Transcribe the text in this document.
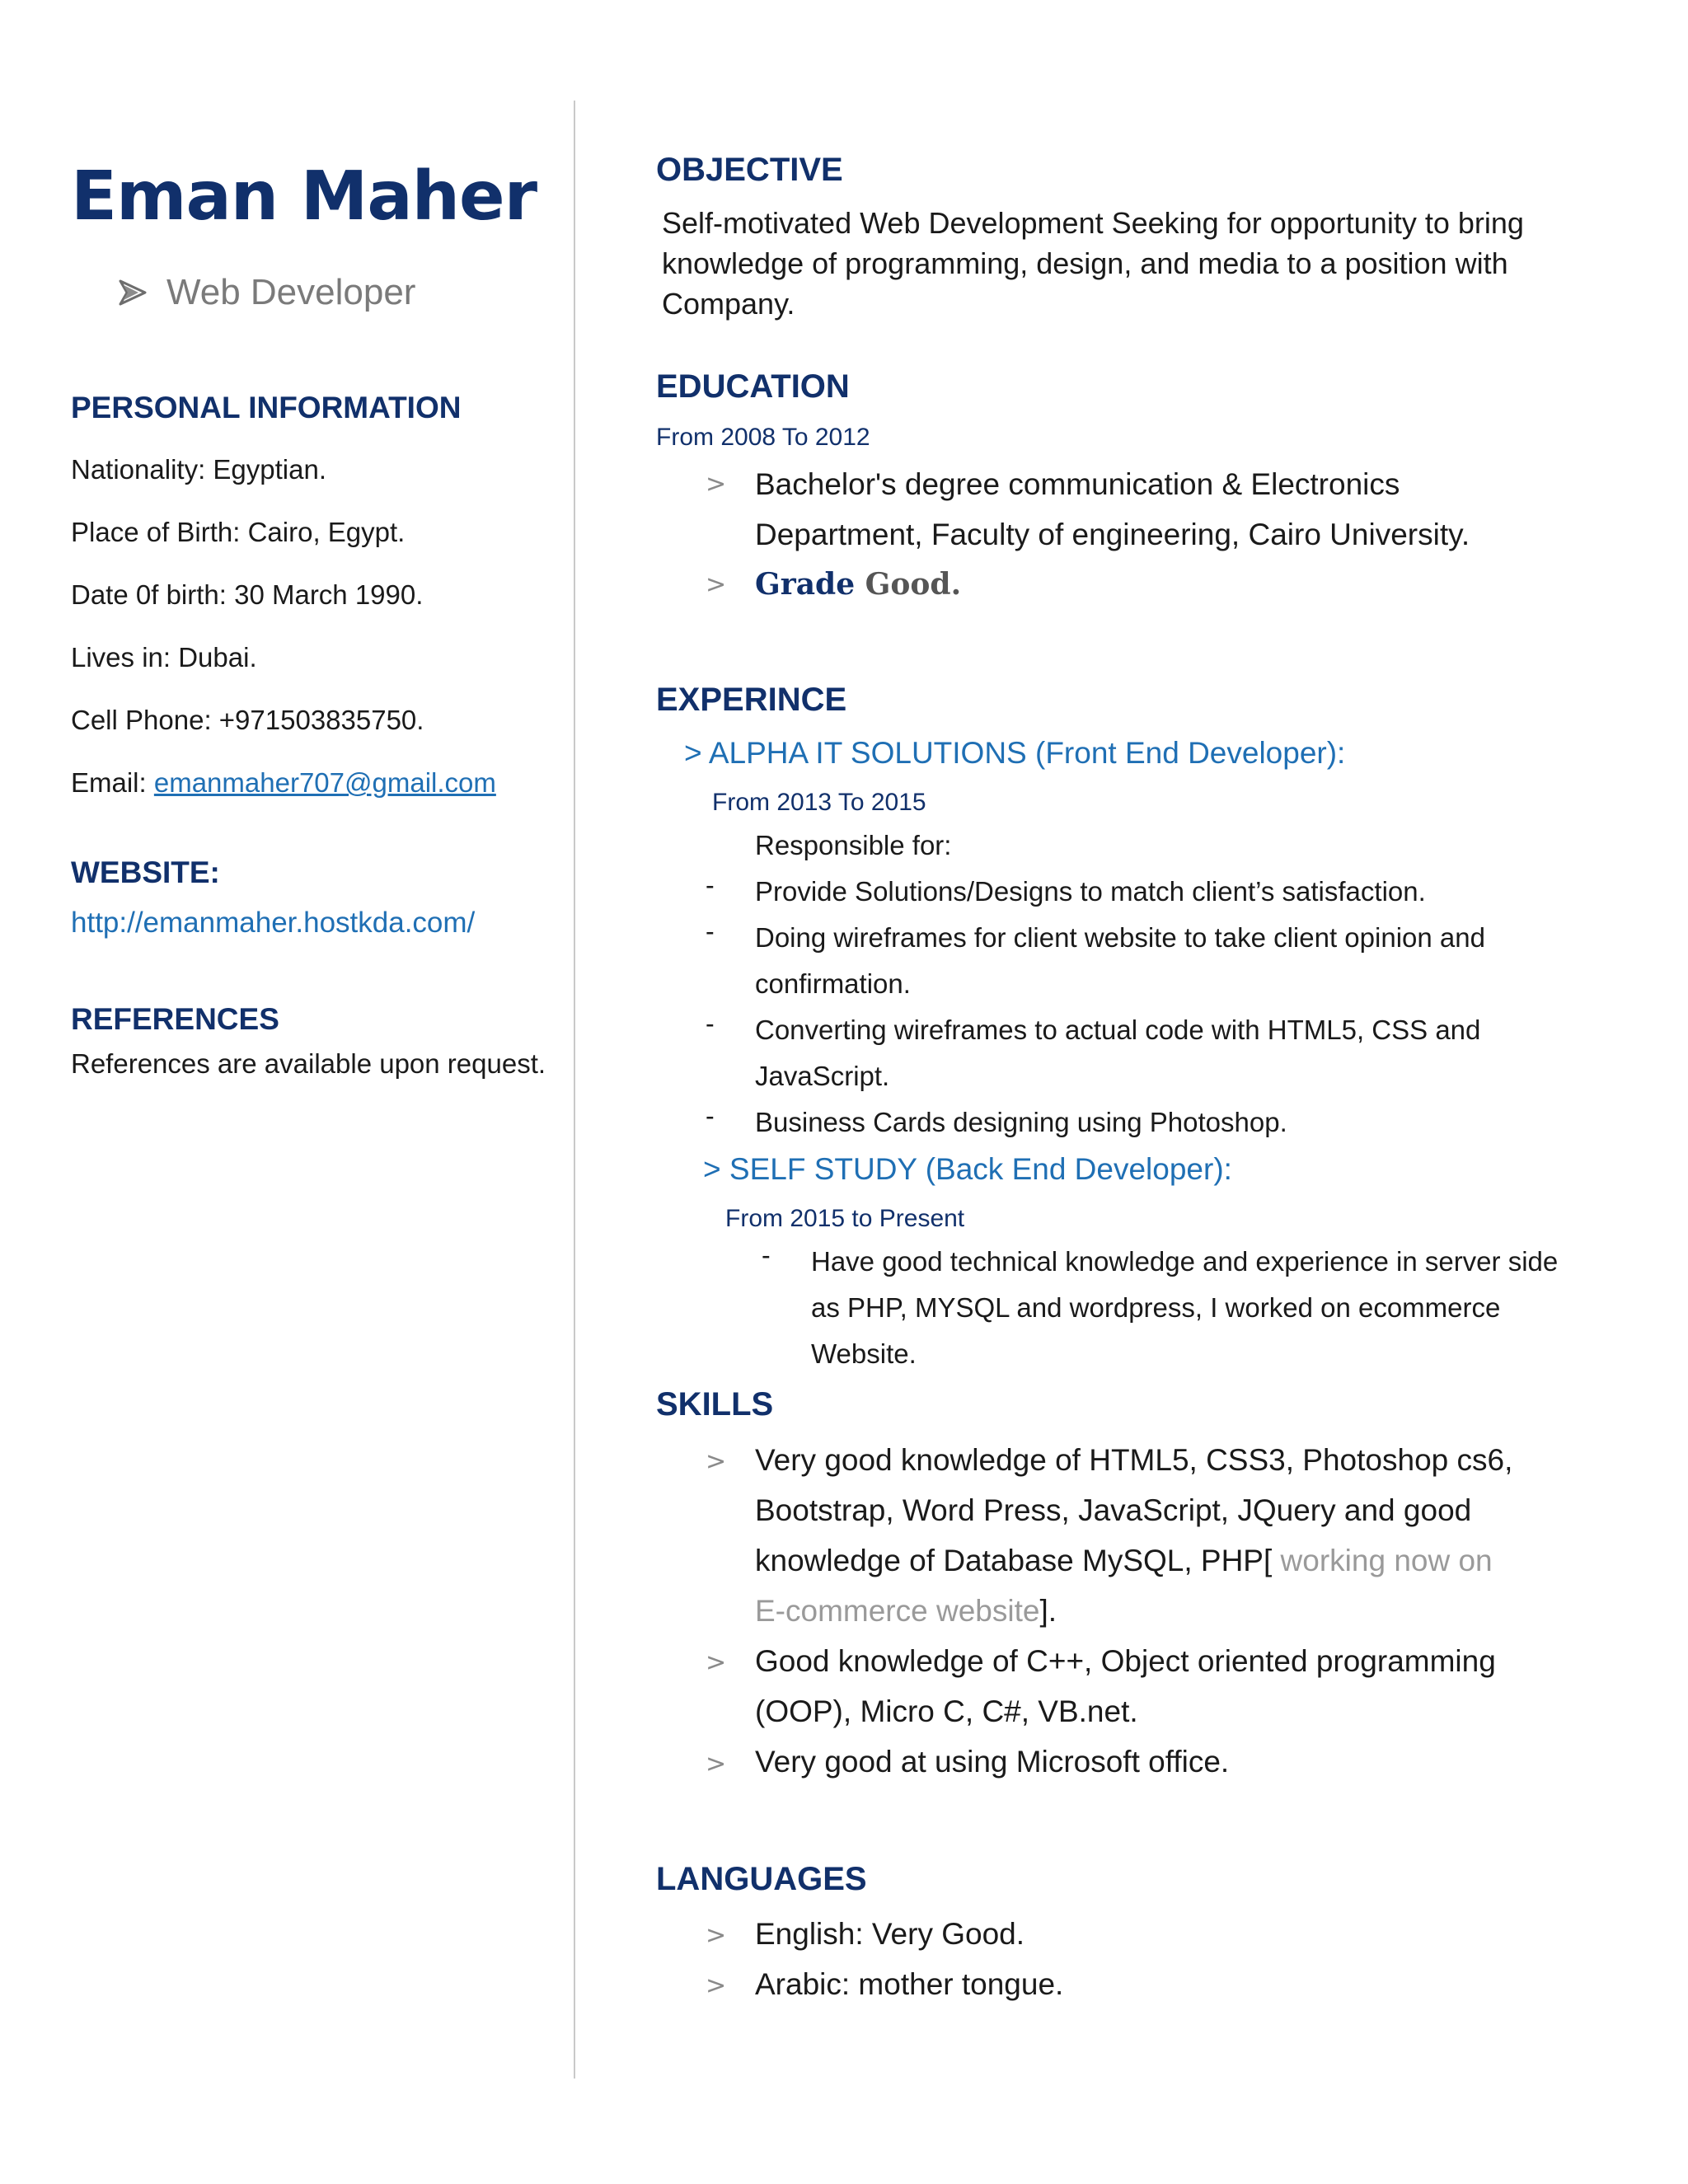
Eman Maher
Web Developer
PERSONAL INFORMATION
Nationality: Egyptian.
Place of Birth: Cairo, Egypt.
Date 0f birth: 30 March 1990.
Lives in: Dubai.
Cell Phone: +971503835750.
Email: emanmaher707@gmail.com
WEBSITE:
http://emanmaher.hostkda.com/
REFERENCES
References are available upon request.
OBJECTIVE
Self-motivated Web Development Seeking for opportunity to bring knowledge of programming, design, and media to a position with Company.
EDUCATION
From 2008 To 2012
> Bachelor's degree communication & Electronics
Department, Faculty of engineering, Cairo University.
> Grade Good.
EXPERINCE
> ALPHA IT SOLUTIONS (Front End Developer):
From 2013 To 2015
Responsible for:
- Provide Solutions/Designs to match client’s satisfaction.
- Doing wireframes for client website to take client opinion and
confirmation.
- Converting wireframes to actual code with HTML5, CSS and
JavaScript.
- Business Cards designing using Photoshop.
> SELF STUDY (Back End Developer):
From 2015 to Present
- Have good technical knowledge and experience in server side
as PHP, MYSQL and wordpress, I worked on ecommerce
Website.
SKILLS
> Very good knowledge of HTML5, CSS3, Photoshop cs6,
Bootstrap, Word Press, JavaScript, JQuery and good
knowledge of Database MySQL, PHP[ working now on
E-commerce website].
> Good knowledge of C++, Object oriented programming
(OOP), Micro C, C#, VB.net.
> Very good at using Microsoft office.
LANGUAGES
> English: Very Good.
> Arabic: mother tongue.
